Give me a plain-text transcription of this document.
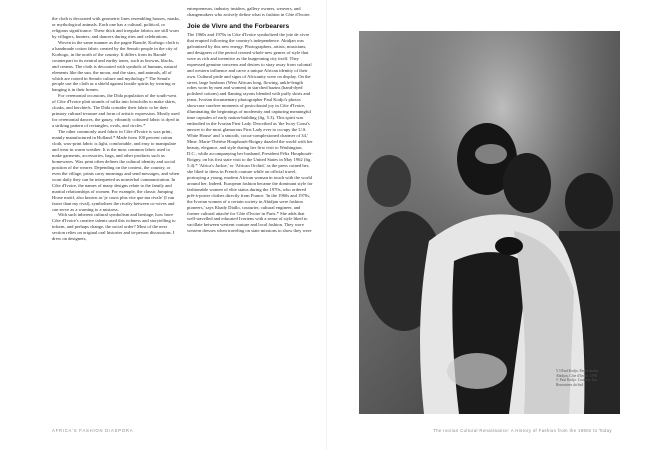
the cloth is decorated with geometric lines resembling houses, masks, or mythological animals. Each one has a cultural, political, or religious significance. These thick and irregular fabrics are still worn by villagers, hunters, and dancers during rites and celebrations.

Woven in the same manner as the pagne Baoulé, Korhogo cloth is a handmade cotton fabric created by the Senufo people in the city of Korhogo, in the north of the country. It differs from its Baoulé counterpart in its neutral and earthy tones, such as browns, blacks, and creams. The cloth is decorated with symbols of humans, natural elements like the sun, the moon, and the stars, and animals, all of which are rooted in Senufo culture and mythology.* The Senufo people use the cloth as a shield against hostile spirits by wearing or hanging it in their homes.

For ceremonial occasions, the Dida population of the south-west of Côte d'Ivoire plait strands of raffia into loincloths to make skirts, cloaks, and kerchiefs. The Dida consider their fabric to be their primary cultural treasure and form of artistic expression. Mostly used for ceremonial dances, the gauzy, vibrantly coloured fabric is dyed in a striking pattern of rectangles, ovals, and circles.*

The other commonly used fabric in Côte d'Ivoire is wax print, mainly manufactured in Holland.* Made from 100 percent cotton cloth, wax-print fabric is light, comfortable, and easy to manipulate and wear in warm weather. It is the most common fabric used to make garments, accessories, bags, and other products such as homewares. Wax print often defines the cultural identity and social position of the wearer. Depending on the context, the country, or even the village, prints carry meanings and send messages, and when worn daily they can be interpreted as nonverbal communication. In Côte d'Ivoire, the names of many designs relate to the family and marital relationships of women. For example, the classic Jumping Horse motif, also known as 'je cours plus vite que ma rivale' (I run faster than my rival), symbolizes the rivalry between co-wives and can serve as a warning to a mistress.

With such inherent cultural symbolism and heritage, how have Côte d'Ivoire's creative talents used this richness and storytelling to inform, and perhaps change, the social order? Most of the next section relies on original oral histories and in-person discussions. I drew on designers,

entrepreneurs, industry insiders, gallery owners, weavers, and changemakers who actively define what is fashion in Côte d'Ivoire.

Joie de Vivre and the Forbearers

The 1960s and 1970s in Côte d'Ivoire symbolized the joie de vivre that erupted following the country's independence. Abidjan was galvanized by this new energy. Photographers, artists, musicians, and designers of the period created whole new genres of style that were as rich and inventive as the burgeoning city itself. They expressed genuine concerns and desires to stray away from colonial and western influence and carve a unique African identity of their own. Cultural pride and signs of Africanity were on display. On the street, large boubous (West African long, flowing, ankle-length robes worn by men and women) in starched bazins (hand-dyed polished cottons) and flaming rayons blended with puffy skirts and jeans. Ivorian documentary photographer Paul Kodjo's photos showcase carefree moments of postcolonial joy in Côte d'Ivoire, illuminating the beginnings of modernity and capturing meaningful time capsules of early nation-building (fig. 5.3). This spirit was embodied in the Ivorian First Lady. Described as 'the Ivory Coast's answer to the most glamorous First Lady ever to occupy the U.S. White House' and 'a smooth, cocoa-complexioned charmer of 34,' Mme. Marie-Thérèse Houphouët-Boigny dazzled the world with her beauty, elegance, and style during her first visit to Washington, D.C., while accompanying her husband, President Félix Houphouët-Boigny, on his first state visit to the United States in May 1962 (fig. 5.4).* 'Africa's Jackie,' or 'African Orchid,' as the press coined her, she liked to dress in French couture while on official travel, portraying a young, modern African woman in touch with the world around her. Indeed, European fashion became the dominant style for fashionable women of elite status during the 1970s, who ordered prêt-à-porter clothes directly from France. 'In the 1960s and 1970s, the Ivorian women of a certain society in Abidjan were fashion pioneers,' says Khady Diallo, couturier, cultural engineer, and former cultural attaché for Côte d'Ivoire in Paris.* She adds that well-travelled and educated Ivoriens with a sense of style liked to vacillate between western couture and local fashion. They wore western dresses when traveling on state missions to show they were

5.3 Paul Kodjo, Parlez moins,
Abidjan, Côte d'Ivoire, 1970
© Paul Kodjo. Courtesy Les
Rencontres du Sud
AFRICA'S FASHION DIASPORA	The Ivorian Cultural Renaissance: A History of Fashion from the 1960s to Today
